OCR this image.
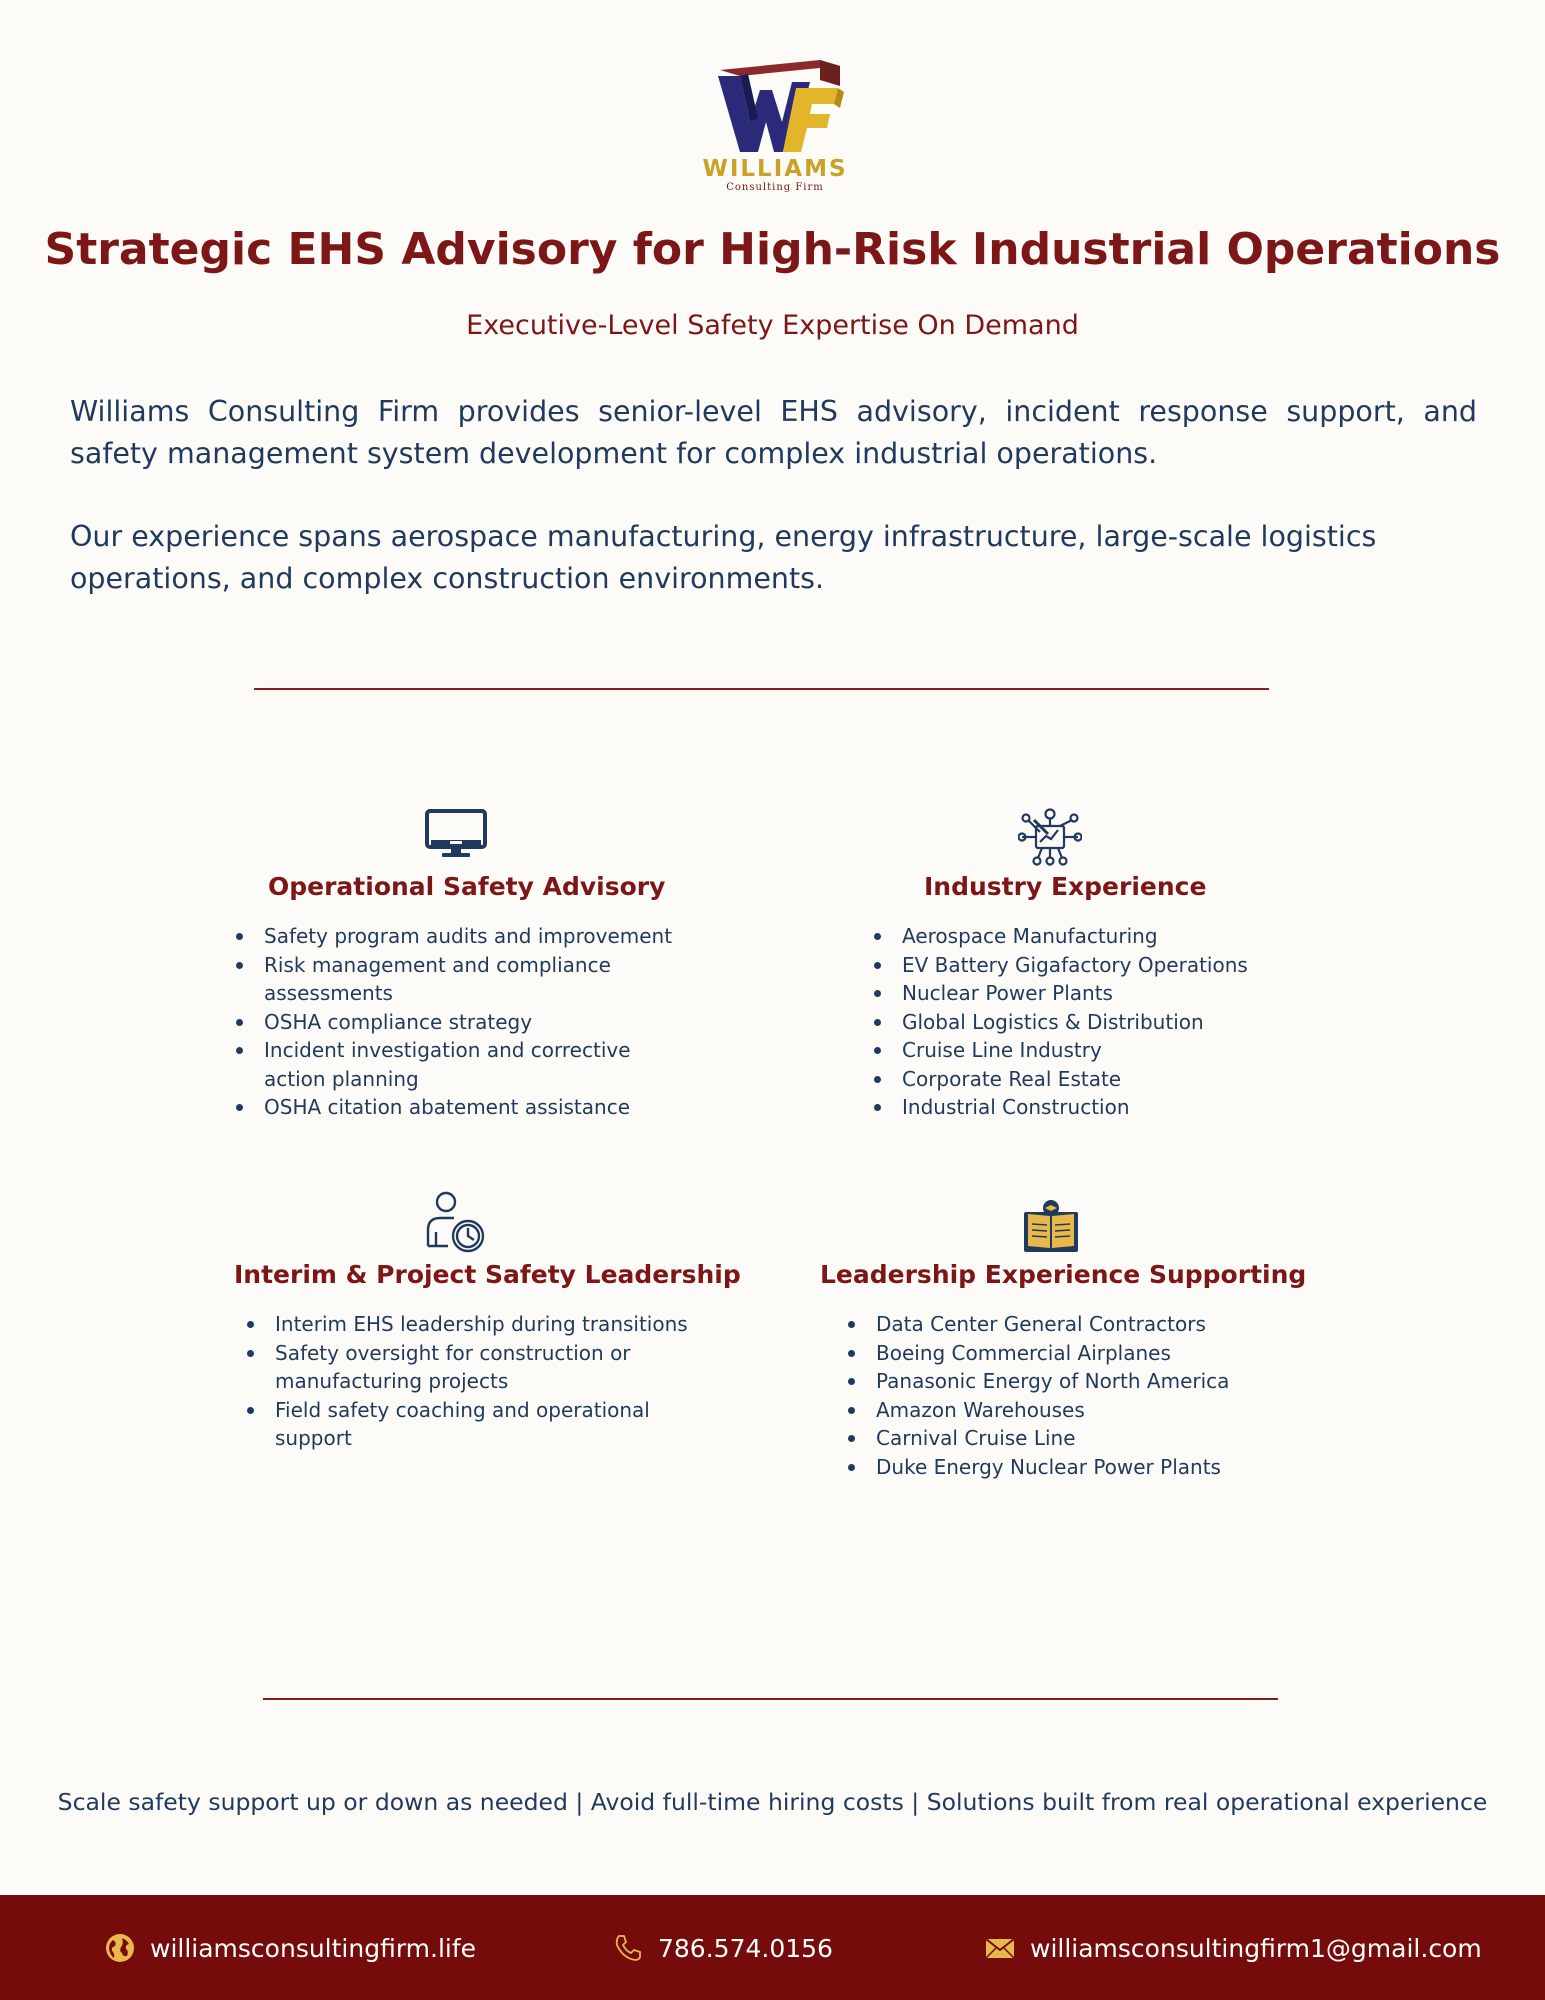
WILLIAMS
Consulting Firm
Strategic EHS Advisory for High-Risk Industrial Operations
Executive-Level Safety Expertise On Demand

Williams Consulting Firm provides senior-level EHS advisory, incident response support, and safety management system development for complex industrial operations.

Our experience spans aerospace manufacturing, energy infrastructure, large-scale logistics operations, and complex construction environments.

Operational Safety Advisory
Safety program audits and improvement
Risk management and compliance assessments
OSHA compliance strategy
Incident investigation and corrective action planning
OSHA citation abatement assistance
Industry Experience
Aerospace Manufacturing
EV Battery Gigafactory Operations
Nuclear Power Plants
Global Logistics & Distribution
Cruise Line Industry
Corporate Real Estate
Industrial Construction
Interim & Project Safety Leadership
Interim EHS leadership during transitions
Safety oversight for construction or manufacturing projects
Field safety coaching and operational support
Leadership Experience Supporting
Data Center General Contractors
Boeing Commercial Airplanes
Panasonic Energy of North America
Amazon Warehouses
Carnival Cruise Line
Duke Energy Nuclear Power Plants
Scale safety support up or down as needed | Avoid full-time hiring costs | Solutions built from real operational experience
williamsconsultingfirm.life	786.574.0156	williamsconsultingfirm1@gmail.com
